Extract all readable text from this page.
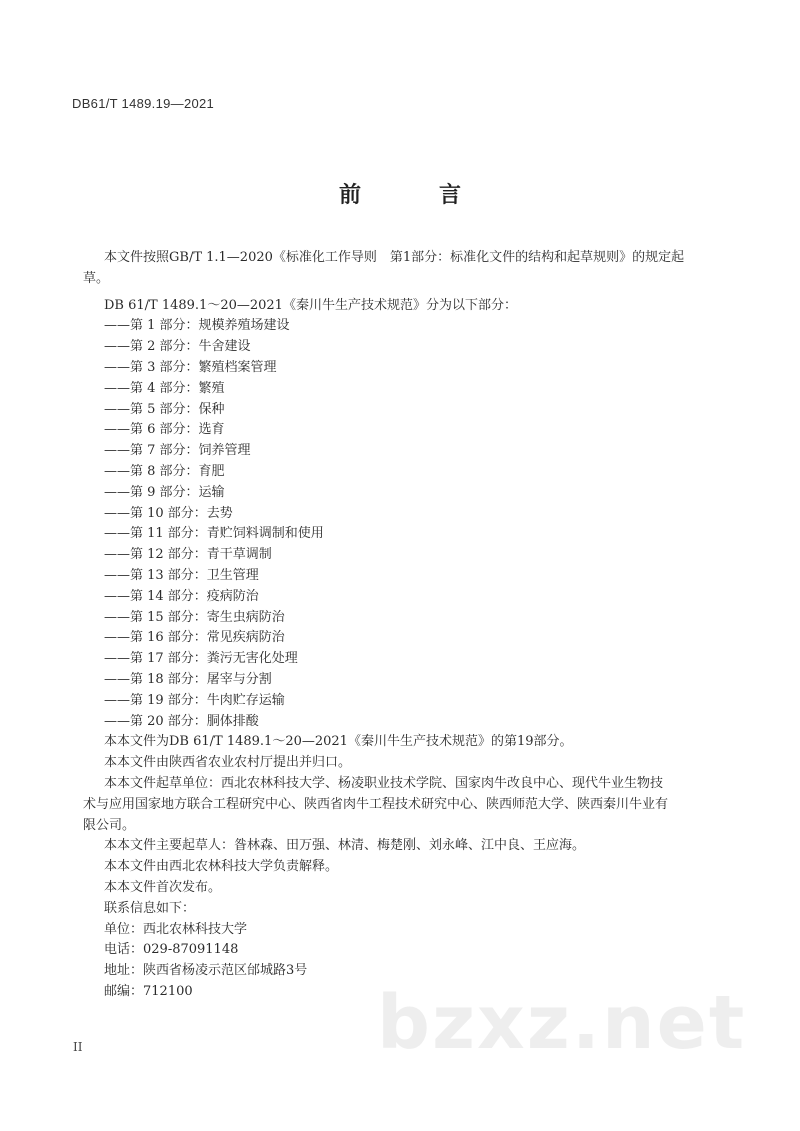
DB61/T 1489.19—2021
前　言

本文件按照GB/T 1.1—2020《标准化工作导则　第1部分：标准化文件的结构和起草规则》的规定起

草。

DB 61/T 1489.1～20—2021《秦川牛生产技术规范》分为以下部分：

——第 1 部分：规模养殖场建设

——第 2 部分：牛舍建设

——第 3 部分：繁殖档案管理

——第 4 部分：繁殖

——第 5 部分：保种

——第 6 部分：选育

——第 7 部分：饲养管理

——第 8 部分：育肥

——第 9 部分：运输

——第 10 部分：去势

——第 11 部分：青贮饲料调制和使用

——第 12 部分：青干草调制

——第 13 部分：卫生管理

——第 14 部分：疫病防治

——第 15 部分：寄生虫病防治

——第 16 部分：常见疾病防治

——第 17 部分：粪污无害化处理

——第 18 部分：屠宰与分割

——第 19 部分：牛肉贮存运输

——第 20 部分：胴体排酸

本本文件为DB 61/T 1489.1～20—2021《秦川牛生产技术规范》的第19部分。

本本文件由陕西省农业农村厅提出并归口。

本本文件起草单位：西北农林科技大学、杨凌职业技术学院、国家肉牛改良中心、现代牛业生物技

术与应用国家地方联合工程研究中心、陕西省肉牛工程技术研究中心、陕西师范大学、陕西秦川牛业有

限公司。

本本文件主要起草人：昝林森、田万强、林清、梅楚刚、刘永峰、江中良、王应海。

本本文件由西北农林科技大学负责解释。

本本文件首次发布。

联系信息如下：

单位：西北农林科技大学

电话：029-87091148

地址：陕西省杨凌示范区邰城路3号

邮编：712100	bzxz.net
II
